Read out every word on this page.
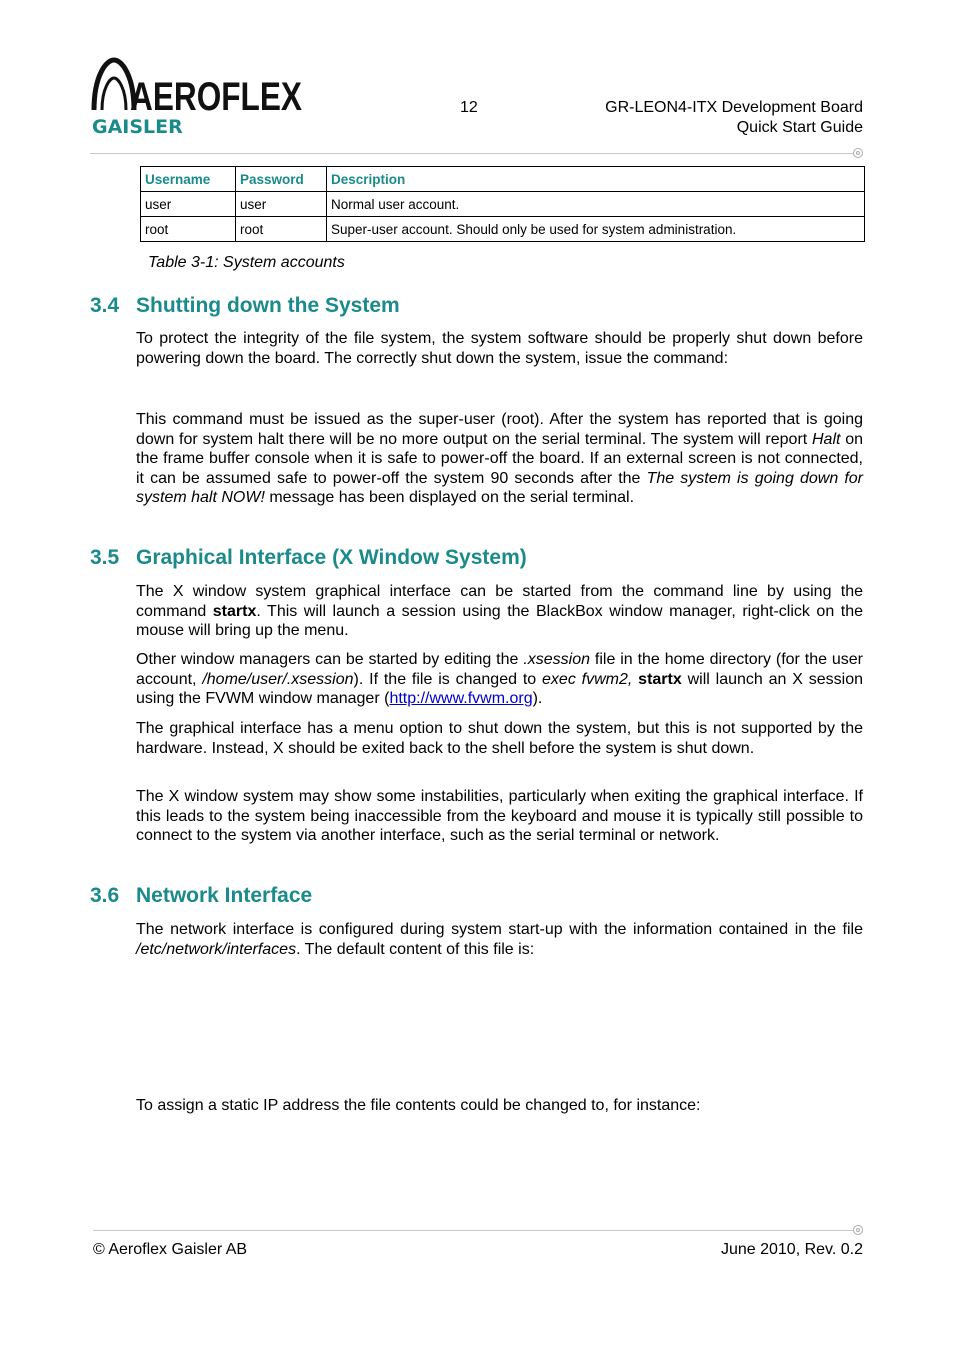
AEROFLEX
GAISLER
12	GR-LEON4-ITX Development Board
Quick Start Guide
Username	Password	Description
user	user	Normal user account.
root	root	Super-user account. Should only be used for system administration.
Table 3-1: System accounts
3.4 Shutting down the System
To protect the integrity of the file system, the system software should be properly shut down before powering down the board. The correctly shut down the system, issue the command:
This command must be issued as the super-user (root). After the system has reported that is going down for system halt there will be no more output on the serial terminal. The system will report Halt on the frame buffer console when it is safe to power-off the board. If an external screen is not connected, it can be assumed safe to power-off the system 90 seconds after the The system is going down for system halt NOW! message has been displayed on the serial terminal.
3.5 Graphical Interface (X Window System)
The X window system graphical interface can be started from the command line by using the command startx. This will launch a session using the BlackBox window manager, right-click on the mouse will bring up the menu.
Other window managers can be started by editing the .xsession file in the home directory (for the user account, /home/user/.xsession). If the file is changed to exec fvwm2, startx will launch an X session using the FVWM window manager (http://www.fvwm.org).
The graphical interface has a menu option to shut down the system, but this is not supported by the hardware. Instead, X should be exited back to the shell before the system is shut down.
The X window system may show some instabilities, particularly when exiting the graphical interface. If this leads to the system being inaccessible from the keyboard and mouse it is typically still possible to connect to the system via another interface, such as the serial terminal or network.
3.6 Network Interface
The network interface is configured during system start-up with the information contained in the file /etc/network/interfaces. The default content of this file is:
To assign a static IP address the file contents could be changed to, for instance:
© Aeroflex Gaisler AB	June 2010, Rev. 0.2
